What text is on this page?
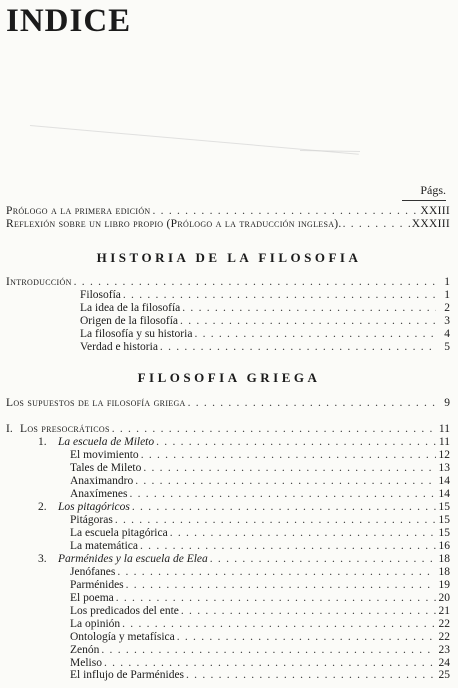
INDICE
Págs.
Prólogo a la primera edición . . .	XXIII
Reflexión sobre un libro propio (Prólogo a la traducción inglesa). . . .	XXXIII
HISTORIA DE LA FILOSOFIA
Introducción . . .	1
Filosofía . . .	1
La idea de la filosofía . . .	2
Origen de la filosofía . . .	3
La filosofía y su historia . . .	4
Verdad e historia . . .	5
FILOSOFIA GRIEGA
Los supuestos de la filosofía griega . . .	9
I. Los presocráticos . . .	11
1. La escuela de Mileto . . .	11
El movimiento . . .	12
Tales de Mileto . . .	13
Anaximandro . . .	14
Anaxímenes . . .	14
2. Los pitagóricos . . .	15
Pitágoras . . .	15
La escuela pitagórica . . .	15
La matemática . . .	16
3. Parménides y la escuela de Elea . . .	18
Jenófanes . . .	18
Parménides . . .	19
El poema . . .	20
Los predicados del ente . . .	21
La opinión . . .	22
Ontología y metafísica . . .	22
Zenón . . .	23
Meliso . . .	24
El influjo de Parménides . . .	25
